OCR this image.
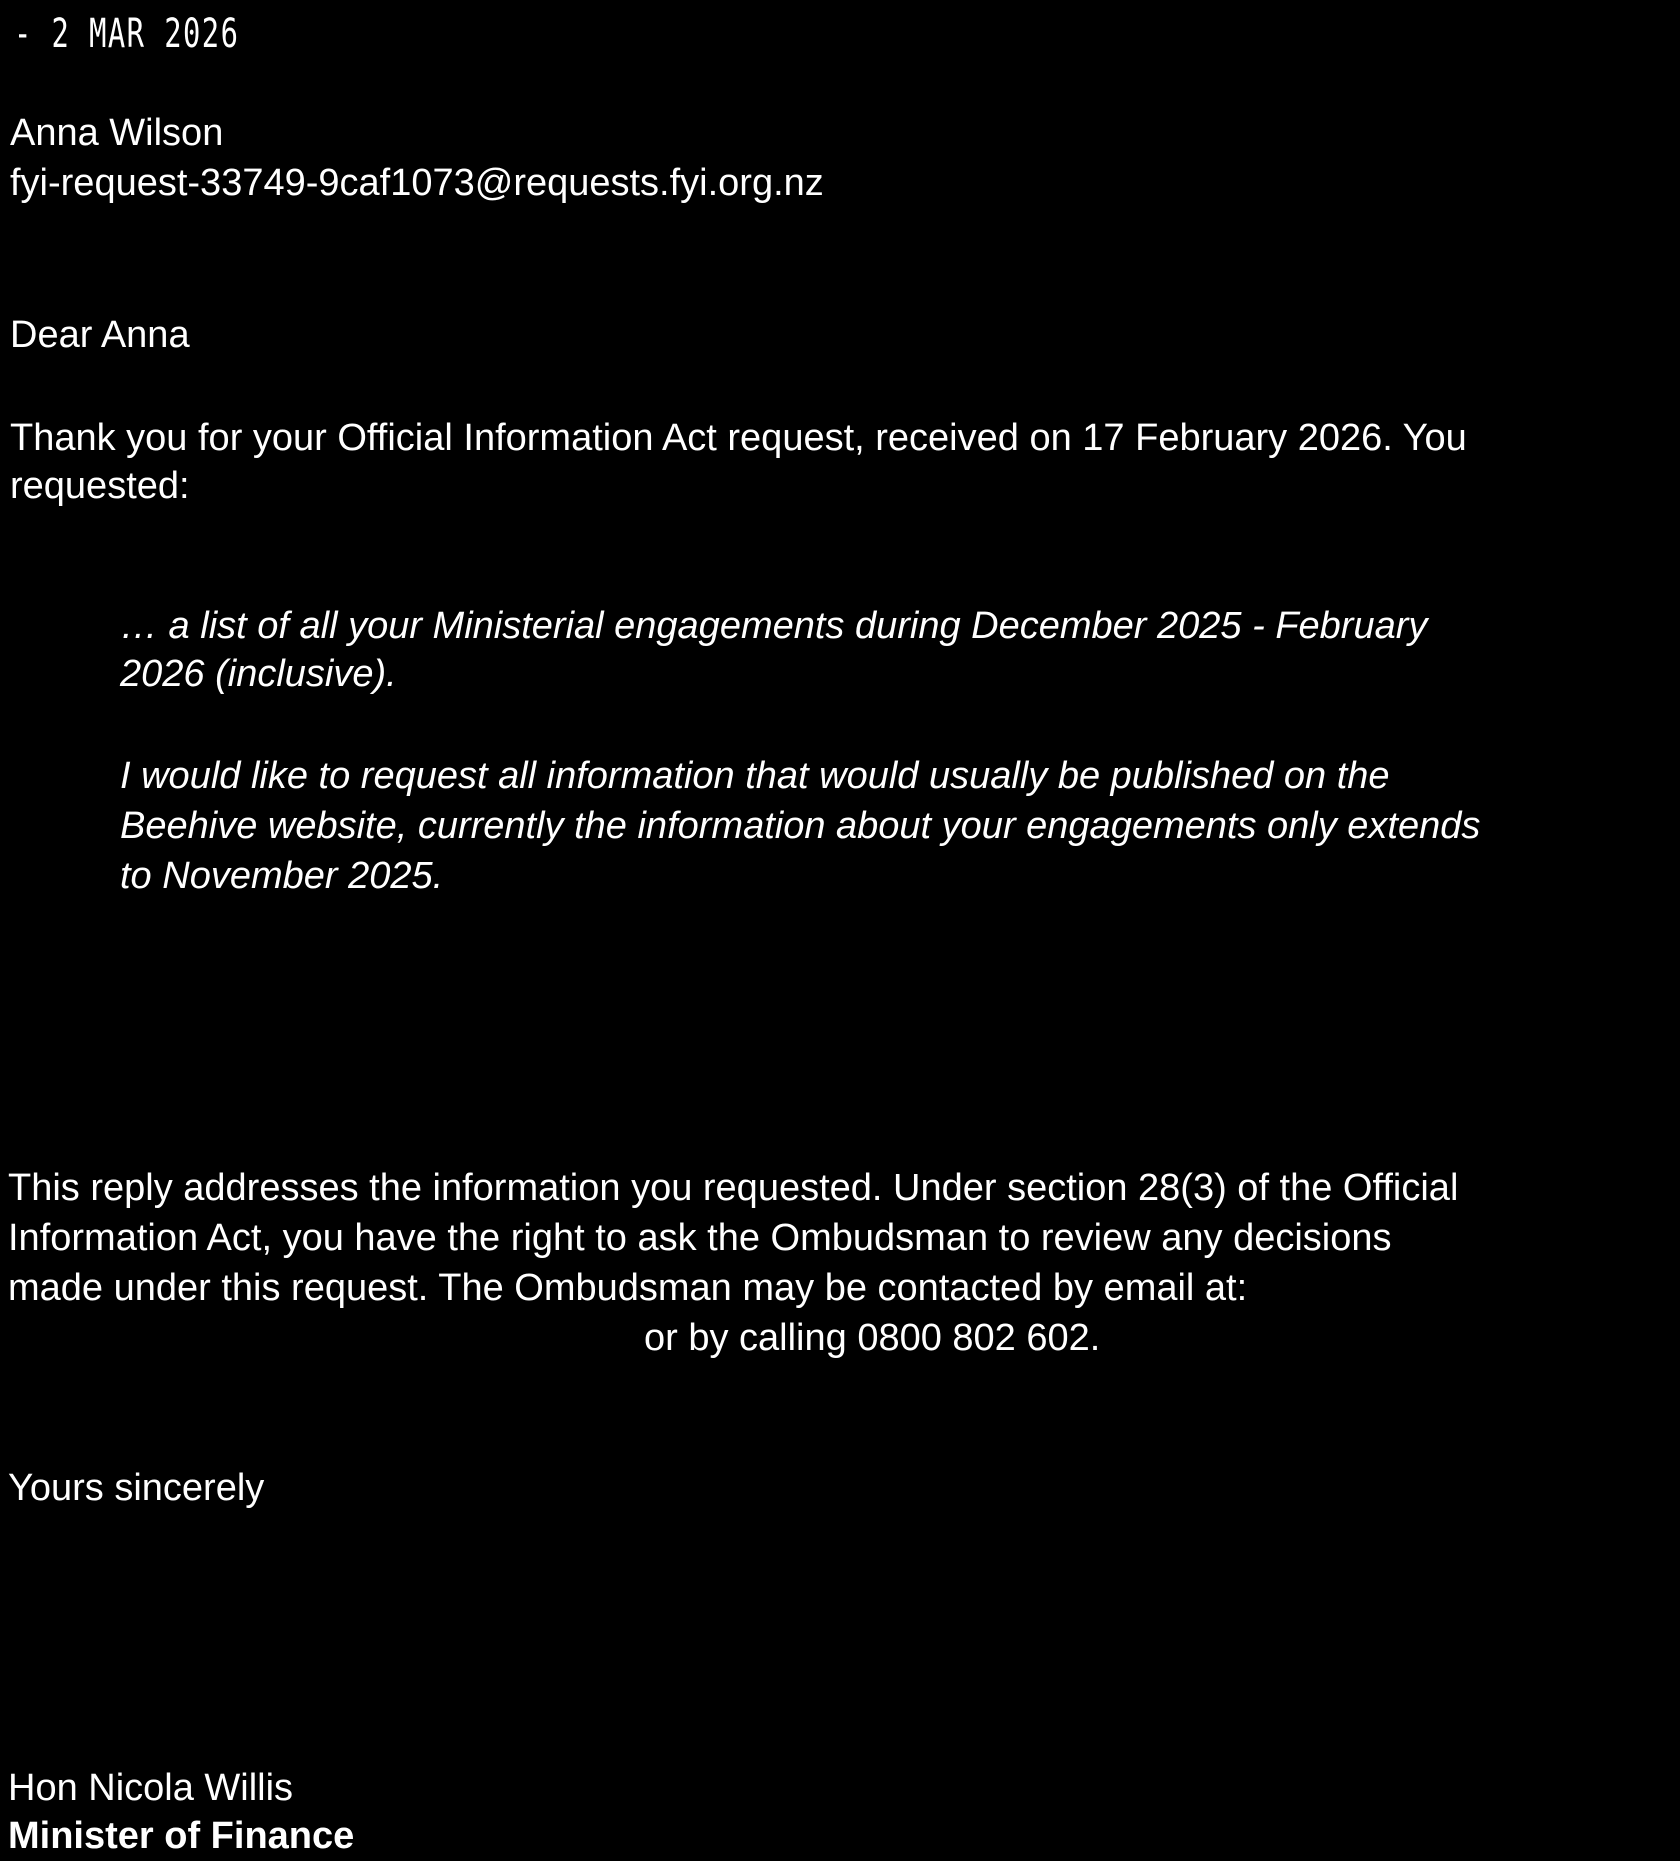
- 2 MAR 2026

Anna Wilson

fyi-request-33749-9caf1073@requests.fyi.org.nz

Dear Anna

Thank you for your Official Information Act request, received on 17 February 2026. You

requested:

… a list of all your Ministerial engagements during December 2025 - February

2026 (inclusive).

I would like to request all information that would usually be published on the

Beehive website, currently the information about your engagements only extends

to November 2025.

This reply addresses the information you requested. Under section 28(3) of the Official

Information Act, you have the right to ask the Ombudsman to review any decisions

made under this request. The Ombudsman may be contacted by email at:

or by calling 0800 802 602.

Yours sincerely

Hon Nicola Willis

Minister of Finance
